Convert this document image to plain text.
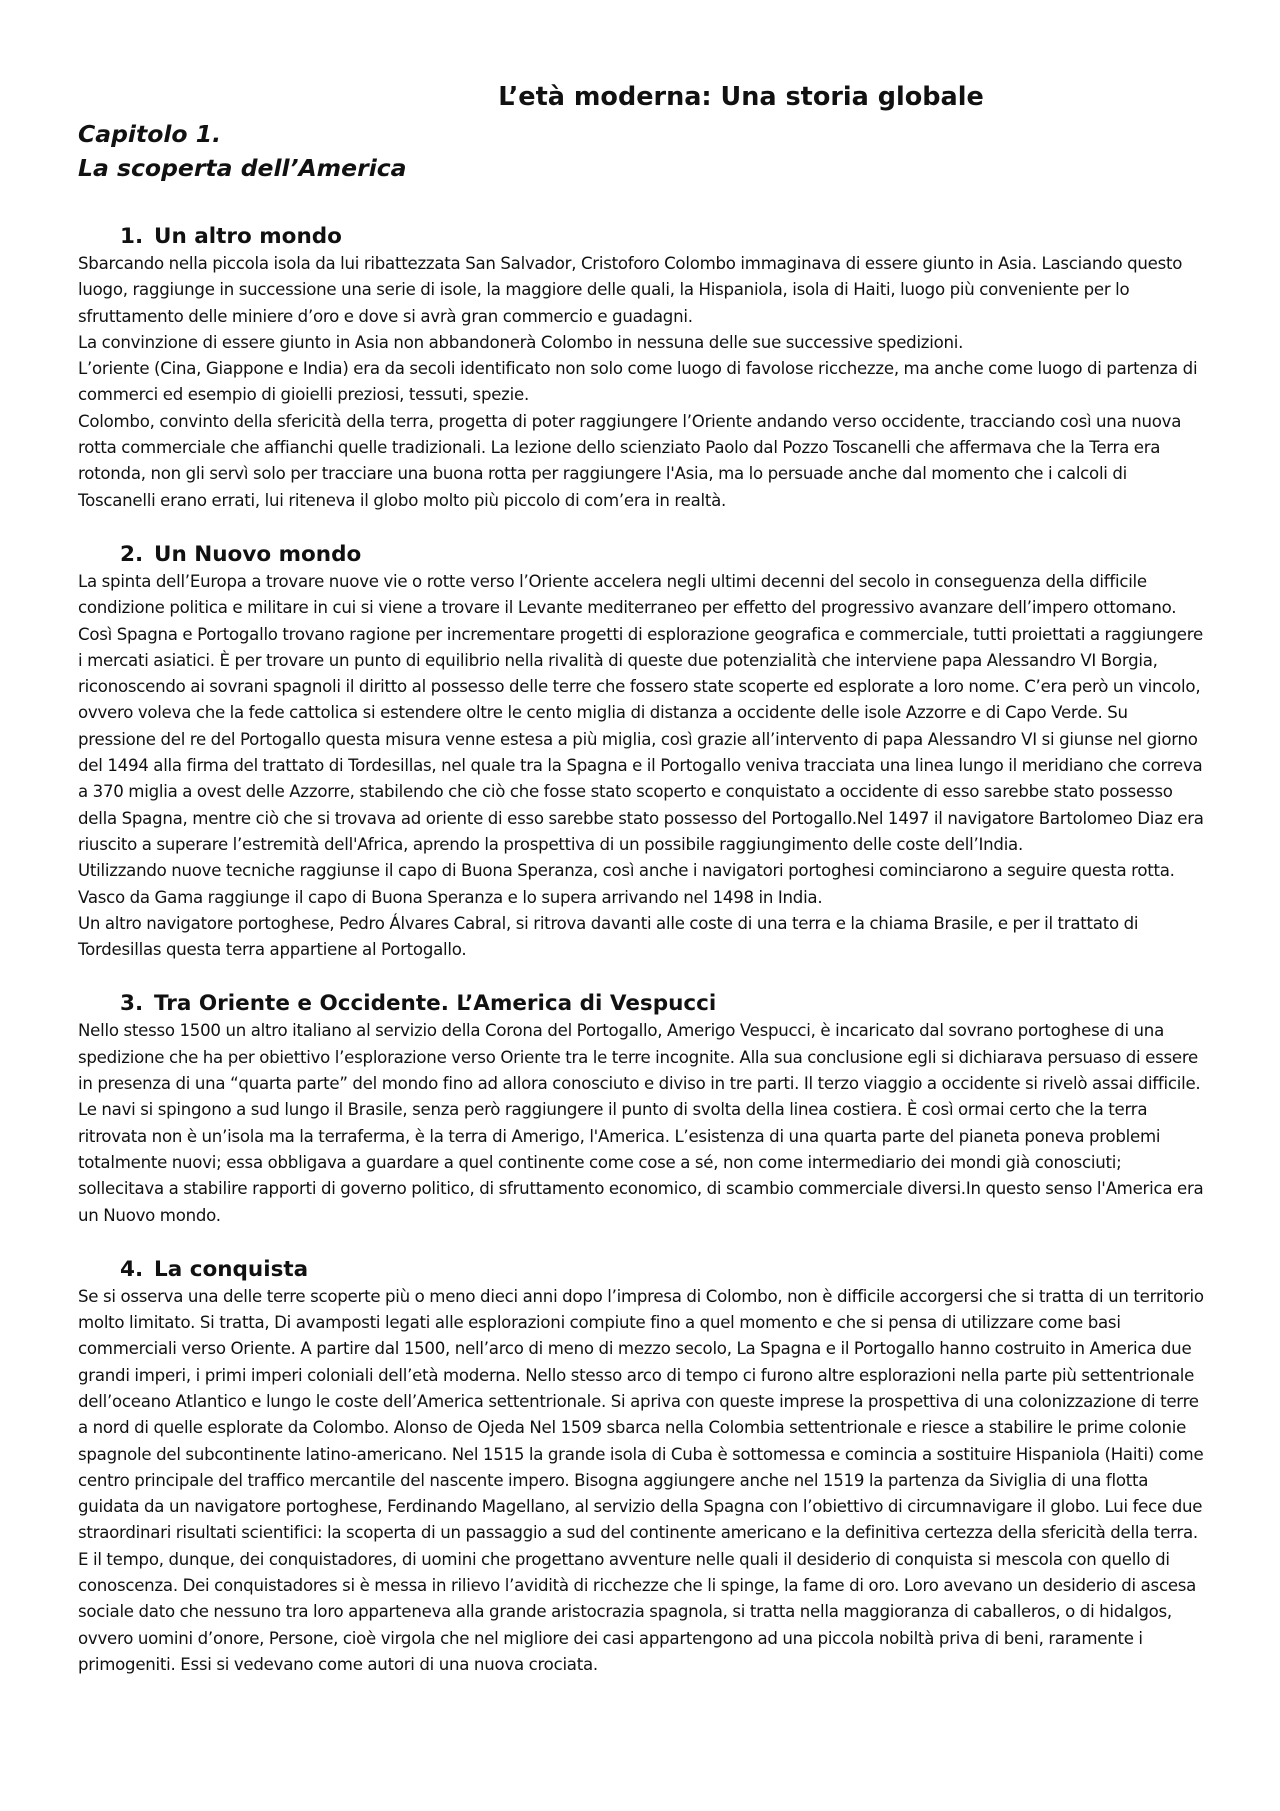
L’età moderna: Una storia globale
Capitolo 1.
La scoperta dell’America
1. Un altro mondo

Sbarcando nella piccola isola da lui ribattezzata San Salvador, Cristoforo Colombo immaginava di essere giunto in Asia. Lasciando questo luogo, raggiunge in successione una serie di isole, la maggiore delle quali, la Hispaniola, isola di Haiti, luogo più conveniente per lo sfruttamento delle miniere d’oro e dove si avrà gran commercio e guadagni.
La convinzione di essere giunto in Asia non abbandonerà Colombo in nessuna delle sue successive spedizioni.
L’oriente (Cina, Giappone e India) era da secoli identificato non solo come luogo di favolose ricchezze, ma anche come luogo di partenza di commerci ed esempio di gioielli preziosi, tessuti, spezie.
Colombo, convinto della sfericità della terra, progetta di poter raggiungere l’Oriente andando verso occidente, tracciando così una nuova rotta commerciale che affianchi quelle tradizionali. La lezione dello scienziato Paolo dal Pozzo Toscanelli che affermava che la Terra era rotonda, non gli servì solo per tracciare una buona rotta per raggiungere l'Asia, ma lo persuade anche dal momento che i calcoli di Toscanelli erano errati, lui riteneva il globo molto più piccolo di com’era in realtà.

2. Un Nuovo mondo

La spinta dell’Europa a trovare nuove vie o rotte verso l’Oriente accelera negli ultimi decenni del secolo in conseguenza della difficile condizione politica e militare in cui si viene a trovare il Levante mediterraneo per effetto del progressivo avanzare dell’impero ottomano. Così Spagna e Portogallo trovano ragione per incrementare progetti di esplorazione geografica e commerciale, tutti proiettati a raggiungere i mercati asiatici. È per trovare un punto di equilibrio nella rivalità di queste due potenzialità che interviene papa Alessandro VI Borgia, riconoscendo ai sovrani spagnoli il diritto al possesso delle terre che fossero state scoperte ed esplorate a loro nome. C’era però un vincolo, ovvero voleva che la fede cattolica si estendere oltre le cento miglia di distanza a occidente delle isole Azzorre e di Capo Verde. Su pressione del re del Portogallo questa misura venne estesa a più miglia, così grazie all’intervento di papa Alessandro VI si giunse nel giorno del 1494 alla firma del trattato di Tordesillas, nel quale tra la Spagna e il Portogallo veniva tracciata una linea lungo il meridiano che correva a 370 miglia a ovest delle Azzorre, stabilendo che ciò che fosse stato scoperto e conquistato a occidente di esso sarebbe stato possesso della Spagna, mentre ciò che si trovava ad oriente di esso sarebbe stato possesso del Portogallo.Nel 1497 il navigatore Bartolomeo Diaz era riuscito a superare l’estremità dell'Africa, aprendo la prospettiva di un possibile raggiungimento delle coste dell’India.
Utilizzando nuove tecniche raggiunse il capo di Buona Speranza, così anche i navigatori portoghesi cominciarono a seguire questa rotta. Vasco da Gama raggiunge il capo di Buona Speranza e lo supera arrivando nel 1498 in India.
Un altro navigatore portoghese, Pedro Álvares Cabral, si ritrova davanti alle coste di una terra e la chiama Brasile, e per il trattato di Tordesillas questa terra appartiene al Portogallo.

3. Tra Oriente e Occidente. L’America di Vespucci

Nello stesso 1500 un altro italiano al servizio della Corona del Portogallo, Amerigo Vespucci, è incaricato dal sovrano portoghese di una spedizione che ha per obiettivo l’esplorazione verso Oriente tra le terre incognite. Alla sua conclusione egli si dichiarava persuaso di essere in presenza di una “quarta parte” del mondo fino ad allora conosciuto e diviso in tre parti. Il terzo viaggio a occidente si rivelò assai difficile. Le navi si spingono a sud lungo il Brasile, senza però raggiungere il punto di svolta della linea costiera. È così ormai certo che la terra ritrovata non è un’isola ma la terraferma, è la terra di Amerigo, l'America. L’esistenza di una quarta parte del pianeta poneva problemi totalmente nuovi; essa obbligava a guardare a quel continente come cose a sé, non come intermediario dei mondi già conosciuti; sollecitava a stabilire rapporti di governo politico, di sfruttamento economico, di scambio commerciale diversi.In questo senso l'America era un Nuovo mondo.

4. La conquista

Se si osserva una delle terre scoperte più o meno dieci anni dopo l’impresa di Colombo, non è difficile accorgersi che si tratta di un territorio molto limitato. Si tratta, Di avamposti legati alle esplorazioni compiute fino a quel momento e che si pensa di utilizzare come basi commerciali verso Oriente. A partire dal 1500, nell’arco di meno di mezzo secolo, La Spagna e il Portogallo hanno costruito in America due grandi imperi, i primi imperi coloniali dell’età moderna. Nello stesso arco di tempo ci furono altre esplorazioni nella parte più settentrionale dell’oceano Atlantico e lungo le coste dell’America settentrionale. Si apriva con queste imprese la prospettiva di una colonizzazione di terre a nord di quelle esplorate da Colombo. Alonso de Ojeda Nel 1509 sbarca nella Colombia settentrionale e riesce a stabilire le prime colonie spagnole del subcontinente latino-americano. Nel 1515 la grande isola di Cuba è sottomessa e comincia a sostituire Hispaniola (Haiti) come centro principale del traffico mercantile del nascente impero. Bisogna aggiungere anche nel 1519 la partenza da Siviglia di una flotta guidata da un navigatore portoghese, Ferdinando Magellano, al servizio della Spagna con l’obiettivo di circumnavigare il globo. Lui fece due straordinari risultati scientifici: la scoperta di un passaggio a sud del continente americano e la definitiva certezza della sfericità della terra. E il tempo, dunque, dei conquistadores, di uomini che progettano avventure nelle quali il desiderio di conquista si mescola con quello di conoscenza. Dei conquistadores si è messa in rilievo l’avidità di ricchezze che li spinge, la fame di oro. Loro avevano un desiderio di ascesa sociale dato che nessuno tra loro apparteneva alla grande aristocrazia spagnola, si tratta nella maggioranza di caballeros, o di hidalgos, ovvero uomini d’onore, Persone, cioè virgola che nel migliore dei casi appartengono ad una piccola nobiltà priva di beni, raramente i primogeniti. Essi si vedevano come autori di una nuova crociata.
